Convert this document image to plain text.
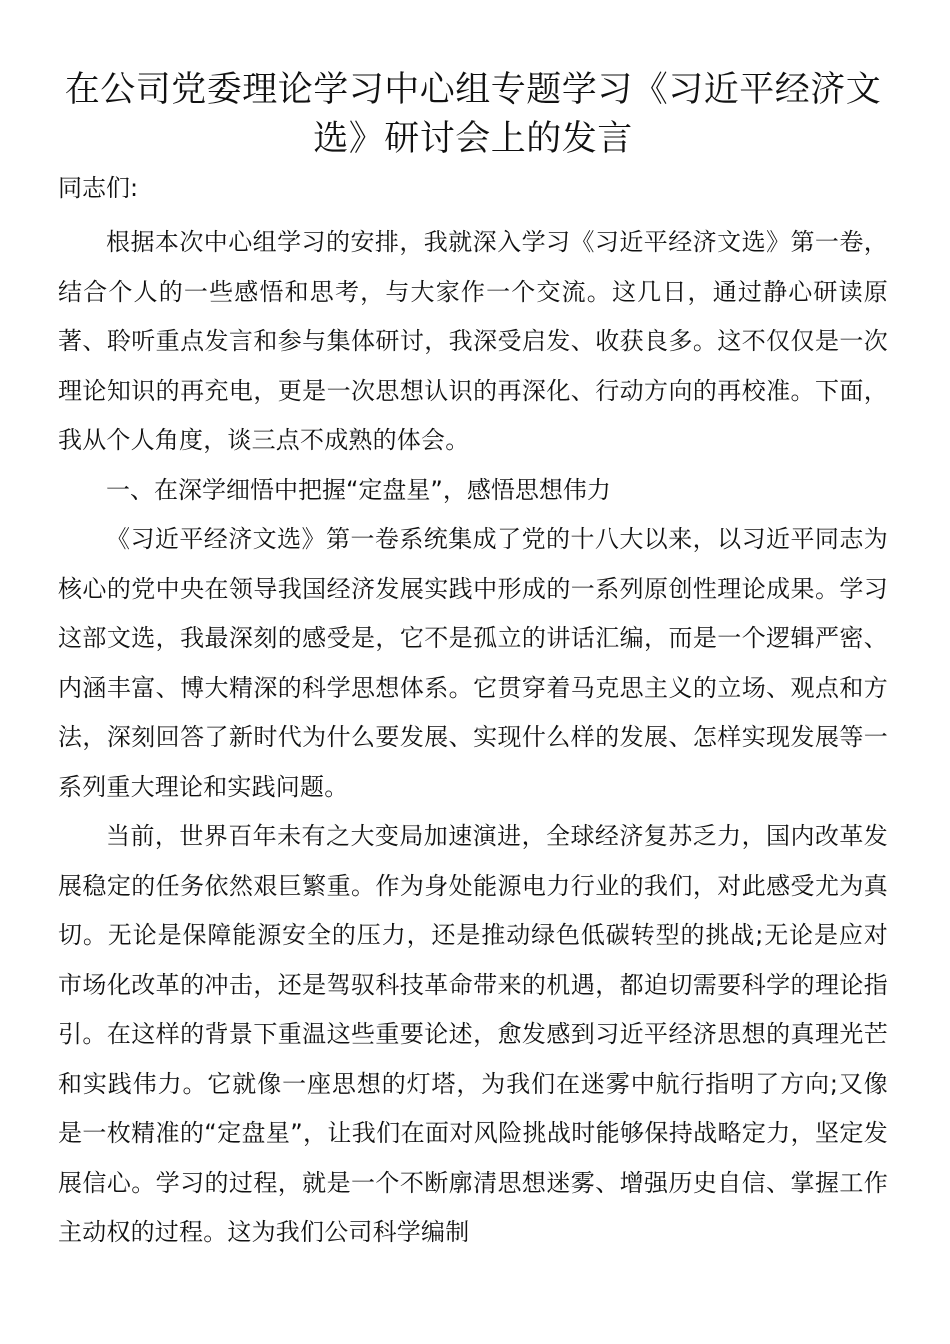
在公司党委理论学习中心组专题学习《习近平经济文选》研讨会上的发言

同志们:

根据本次中心组学习的安排，我就深入学习《习近平经济文选》第一卷，结合个人的一些感悟和思考，与大家作一个交流。这几日，通过静心研读原著、聆听重点发言和参与集体研讨，我深受启发、收获良多。这不仅仅是一次理论知识的再充电，更是一次思想认识的再深化、行动方向的再校准。下面，我从个人角度，谈三点不成熟的体会。

一、在深学细悟中把握“定盘星”，感悟思想伟力

《习近平经济文选》第一卷系统集成了党的十八大以来，以习近平同志为核心的党中央在领导我国经济发展实践中形成的一系列原创性理论成果。学习这部文选，我最深刻的感受是，它不是孤立的讲话汇编，而是一个逻辑严密、内涵丰富、博大精深的科学思想体系。它贯穿着马克思主义的立场、观点和方法，深刻回答了新时代为什么要发展、实现什么样的发展、怎样实现发展等一系列重大理论和实践问题。

当前，世界百年未有之大变局加速演进，全球经济复苏乏力，国内改革发展稳定的任务依然艰巨繁重。作为身处能源电力行业的我们，对此感受尤为真切。无论是保障能源安全的压力，还是推动绿色低碳转型的挑战;无论是应对市场化改革的冲击，还是驾驭科技革命带来的机遇，都迫切需要科学的理论指引。在这样的背景下重温这些重要论述，愈发感到习近平经济思想的真理光芒和实践伟力。它就像一座思想的灯塔，为我们在迷雾中航行指明了方向;又像是一枚精准的“定盘星”，让我们在面对风险挑战时能够保持战略定力，坚定发展信心。学习的过程，就是一个不断廓清思想迷雾、增强历史自信、掌握工作主动权的过程。这为我们公司科学编制
